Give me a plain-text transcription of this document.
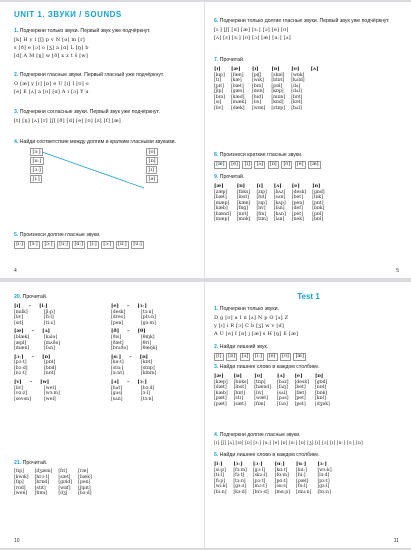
UNIT 1. ЗВУКИ / SOUNDS
1. Подчеркни только звуки. Первый звук уже подчёркнут.
[k] H y l [ʃ] p v N [ə] m [r]
s [ð] e [ɔ] o [ʒ] a [ɑ] L [ŋ] b
[d] A M [ŋ] w [ð] x z t ŝ [w]
2. Подчеркни гласные звуки. Первый гласный уже подчёркнут.
O [æ] y [ɪ] [ɒ] e U [ɪ] I [ʊ] o
[e] E [ʌ] a [ʊ] [ɑ] A i [ɔ] Y u
3. Подчеркни согласные звуки. Первый звук уже подчёркнут.
[t] [ŋ] [ʌ] [r] [ʃ] [ð] [d] [e] [ʊ] [z] [f] [æ]
4. Найди соответствие между долгим и кратким гласными звуками.
[ɜː]
[uː]
[ɔː]
[iː]
[ʊ]
[ɒ]
[ɪ]
[ə]
5. Произнеси долгие гласные звуки.
[iː] [ɜː] [ɔː] [uː] [ɑː] [iː] [ɔː] [ɑː] [uː]
4
6. Подчеркни только долгие гласные звуки. Первый звук уже подчёркнут.
[ɪː] [ʃ] [ɑ] [æ] [ɜː] [ɔ] [e] [ʊ]
[ʌ] [ɛ] [ɜː] [ʊ] [ɔ] [æ] [uː] [ʌ]
7. Прочитай.
[ɪ]	[æ]	[ɪ]	[ɒ]	[ʊ]	[ʌ]
[kɪp]	[fæn]	[pɪʃ]	[skɒl]	[wɒk]	
[tɪ]	[kæ]	[wɪk]	[blɒt]	[kʌld]	
[pɪt]	[bæt]	[bɪn]	[pɒl]	[dʌ]	
[ʃɪp]	[gæs]	[mɪn]	[kɒp]	[dʌl]	
[bɪn]	[kæd]	[hɪd]	[mɒn]	[bʊt]	
[sɪ]	[mæk]	[lɪs]	[kɒd]	[kʊt]	
[lɪv]	[dæk]	[wɪm]	[stɒp]	[bʌl]	
8. Произнеси краткие гласные звуки.
[æ] [e] [ɪ] [ʌ] [ɒ] [ʊ] [e] [æ]
9. Прочитай.
[æ]	[ɒ]	[ɪ]	[ʌ]	[e]	[ɒ]
[zæp]	[fɒks]	[zɪp]	[bʌz]	[desk]	[gɒd]
[bæt]	[lɒst]	[hɪt]	[sʌn]	[bet]	[lɒk]
[mæp]	[kæn]	[sɪp]	[kʌp]	[pen]	[pɒt]
[kæb]	[fɒg]	[lɪv]	[fʌn]	[def]	[bɒk]
[hænd]	[nɒt]	[fɪn]	[bʌn]	[pet]	[pɒl]
[mæp]	[mɒk]	[tɪm]	[lʌn]	[nek]	[bɒl]
5
20. Прочитай.
[ɪ] – [iː]
[mɪlk]	[ʃiːp]
[lɪv]	[fiːl]
[sɪt]	[tiːz]
[e] – [ɜː]
[desk]	[tɜːn]
[dres]	[plɜːn]
[pen]	[gɜːm]
[æ] – [ʌ]
[blæk]	[kʌlə]
[æpl]	[mʌðə]
[mæn]	[fʌn]
[ð] – [θ]
[ðɪs]	[θɪŋk]
[ðæt]	[θri]
[brʌðə]	[θæŋk]
[ɔː] – [ɒ]
[pɔːt]	[pɒt]
[bɔːd]	[bɒd]
[nɔːt]	[nɒt]
[ɑː] – [ɒ]
[kɑːt]	[kɒt]
[stɑː]	[stɒp]
[ɑːnt]	[klɒm]
[v] – [w]
[lɪv]	[wet]
[vɑːz]	[wɜːm]
[sevən]	[wel]
[ʌ] – [ɜː]
[bʌt]	[bɜːd]
[gʌs]	[ɜːl]
[sʌn]	[tɜːn]
21. Прочитай.
[tɪp]	[dʒæm]	[fɪt]	[ræ]
[kwɪk]	[brɔːt]	[sæt]	[bæk]
[fɪp]	[brɒd]	[gʊld]	[pen]
[rʊd]	[stɪt]	[wɒf]	[ʃɪpɪt]
[wen]	[fɪmɪ]	[dʒ]	[bɜːd]
10
Test 1
1. Подчеркни только звуки.
D g [ʊ] a I n [ʌ] N p O [ʌ] Z
y [ɪ] i R [ɔ] C b [ʒ] w v [d]
A U [e] f [ɒ] j [æ] s H [ŋ] E [æ]
2. Найди лишний звук.
[ɪ] [ɒ] [ʌ] [iː] [e] [ʊ] [æ]
3. Найди лишнее слово в каждом столбике.
[æ]	[ɒ]	[ʊ]	[ʌ]	[e]	[ɒ]
[kæp]	[bɒks]	[tɒp]	[bʌz]	[desk]	[gɒd]
[dæt]	[lɒst]	[hænd]	[fʌŋ]	[bet]	[nɒt]
[kæb]	[bɒt]	[lɪv]	[sʌl]	[fæt]	[bɒk]
[pæt]	[stɪ]	[wæt]	[pʌs]	[pet]	[kɒl]
[pæt]	[sæt]	[fɒn]	[fʌn]	[pet]	[dʒɒk]
4. Подчеркни долгие гласные звуки.
[ɪ] [ʃ] [ʌ] [ɪə] [ɒ] [ɜː] [uː] [e] [ɒ] [ɑː] [ɒ] [ʒ] [ɪ] [ɔ] [ɪ] [ɑː] [ɜː] [ɒ]
5. Найди лишнее слово в каждом столбике.
[iː]	[ɜː]	[ɔː]	[ɑː]	[uː]	[ɜː]
[siːp]	[fɜːm]	[gɔːl]	[kɑːt]	[kɑː]	[wɜːk]
[tiːl]	[fɜːt]	[skɔːl]	[fɑːm]	[biː]	[lɜːd]
[fiːp]	[tɜːn]	[pɔːt]	[pɑːt]	[pæl]	[pɜːt]
[wiːk]	[gɜːs]	[mɔːt]	[sɑːs]	[fuːl]	[gɜːl]
[biːn]	[kɜːd]	[brɔːd]	[mɑːp]	[muːn]	[bɜːn]
11
